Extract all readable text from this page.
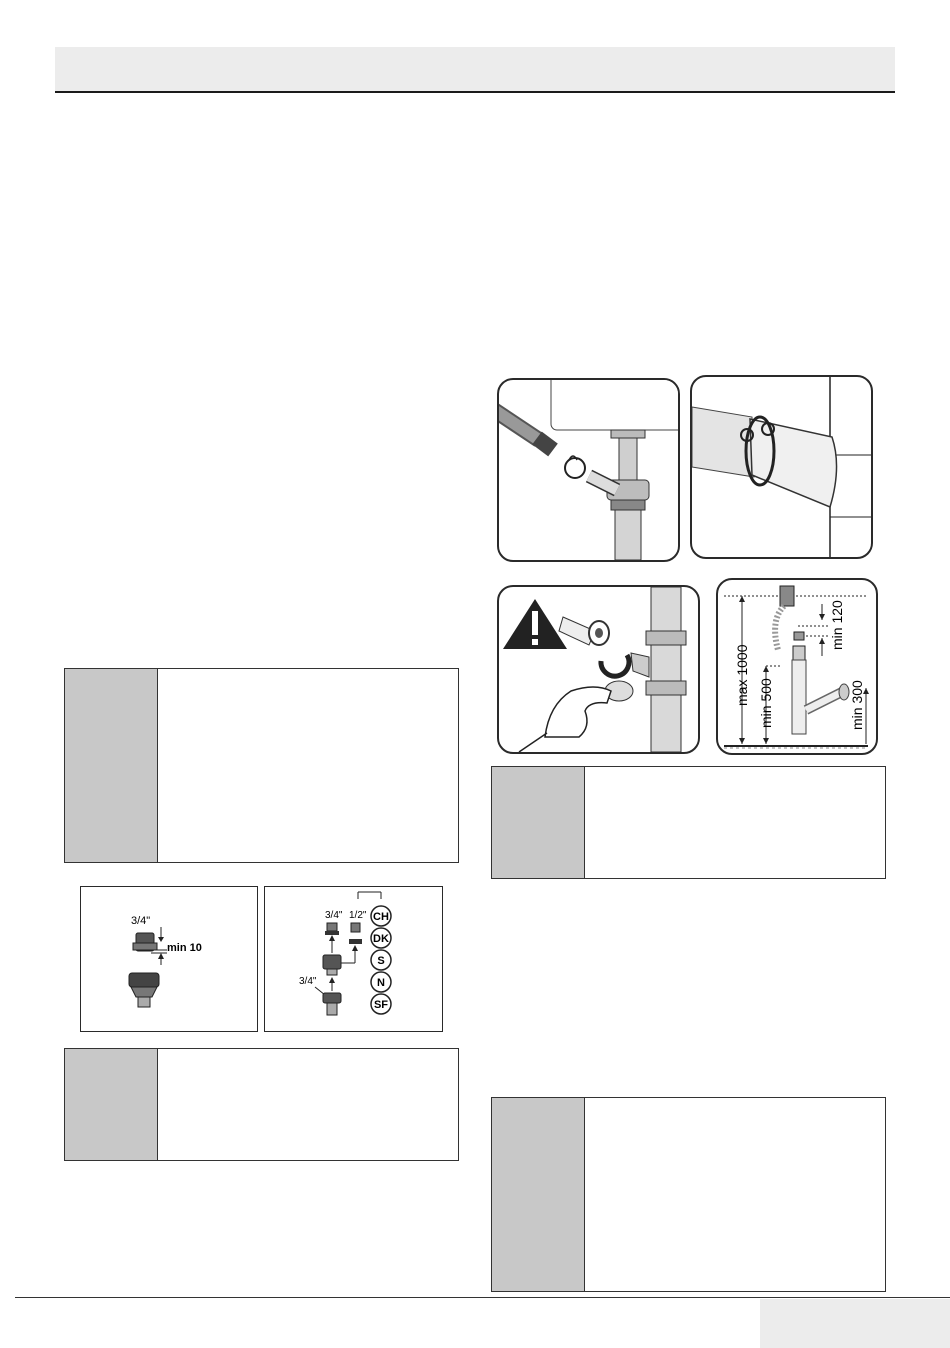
3/4"
min 10
3/4" 1/2"
3/4"
CH
DK
S
N
SF
max 1000 min 500
min 120
min 300
